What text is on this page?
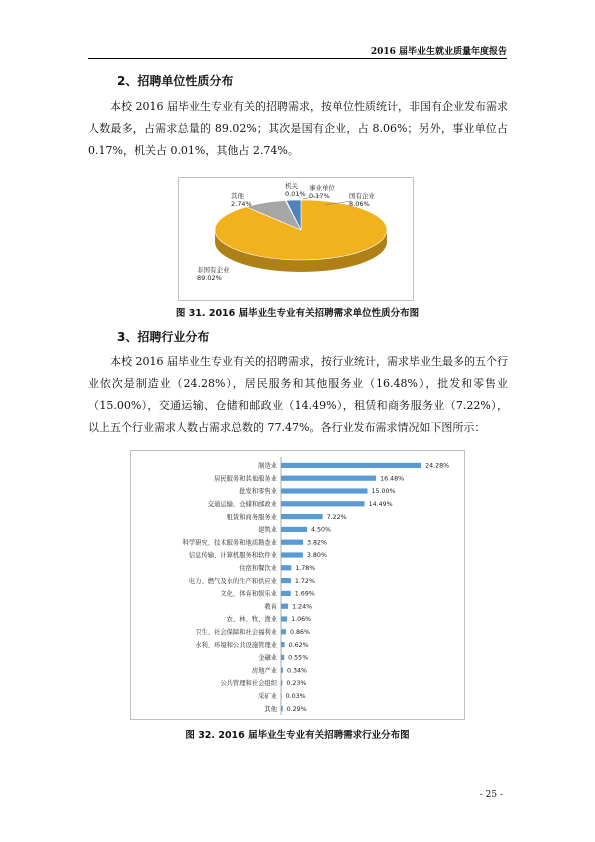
2016 届毕业生就业质量年度报告
2、招聘单位性质分布

本校 2016 届毕业生专业有关的招聘需求，按单位性质统计，非国有企业发布需求人数最多，占需求总量的 89.02%；其次是国有企业，占 8.06%；另外，事业单位占 0.17%，机关占 0.01%，其他占 2.74%。

非国有企业
89.02%
国有企业
8.06%
事业单位
0.17%
机关
0.01%
其他
2.74%

图 31. 2016 届毕业生专业有关招聘需求单位性质分布图

3、招聘行业分布

本校 2016 届毕业生专业有关的招聘需求，按行业统计，需求毕业生最多的五个行业依次是制造业（24.28%），居民服务和其他服务业（16.48%），批发和零售业（15.00%），交通运输、仓储和邮政业（14.49%），租赁和商务服务业（7.22%），以上五个行业需求人数占需求总数的 77.47%。各行业发布需求情况如下图所示：

制造业	24.28%
居民服务和其他服务业	16.48%
批发和零售业	15.00%
交通运输、仓储和邮政业	14.49%
租赁和商务服务业	7.22%
建筑业	4.50%
科学研究、技术服务和地质勘查业	3.82%
信息传输、计算机服务和软件业	3.80%
住宿和餐饮业	1.78%
电力、燃气及水的生产和供应业	1.72%
文化、体育和娱乐业	1.69%
教育 1.24%
农、林、牧、渔业 1.06%
卫生、社会保障和社会福利业 0.86%
水利、环境和公共设施管理业 0.62%
金融业 0.55%
房地产业 0.34%
公共管理和社会组织 0.23%
采矿业 0.03%
其他 0.29%

图 32. 2016 届毕业生专业有关招聘需求行业分布图

- 25 -
